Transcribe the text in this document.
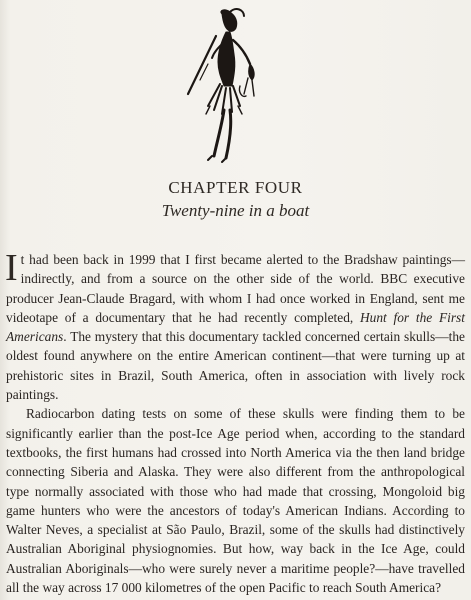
CHAPTER FOUR
Twenty-nine in a boat

It had been back in 1999 that I first became alerted to the Bradshaw paintings—indirectly, and from a source on the other side of the world. BBC executive producer Jean-Claude Bragard, with whom I had once worked in England, sent me videotape of a documentary that he had recently completed, Hunt for the First Americans. The mystery that this documentary tackled concerned certain skulls—the oldest found anywhere on the entire American continent—that were turning up at prehistoric sites in Brazil, South America, often in association with lively rock paintings.

Radiocarbon dating tests on some of these skulls were finding them to be significantly earlier than the post-Ice Age period when, according to the standard textbooks, the first humans had crossed into North America via the then land bridge connecting Siberia and Alaska. They were also different from the anthropological type normally associated with those who had made that crossing, Mongoloid big game hunters who were the ancestors of today's American Indians. According to Walter Neves, a specialist at São Paulo, Brazil, some of the skulls had distinctively Australian Aboriginal physiognomies. But how, way back in the Ice Age, could Australian Aboriginals—who were surely never a maritime people?—have travelled all the way across 17 000 kilometres of the open Pacific to reach South America?
